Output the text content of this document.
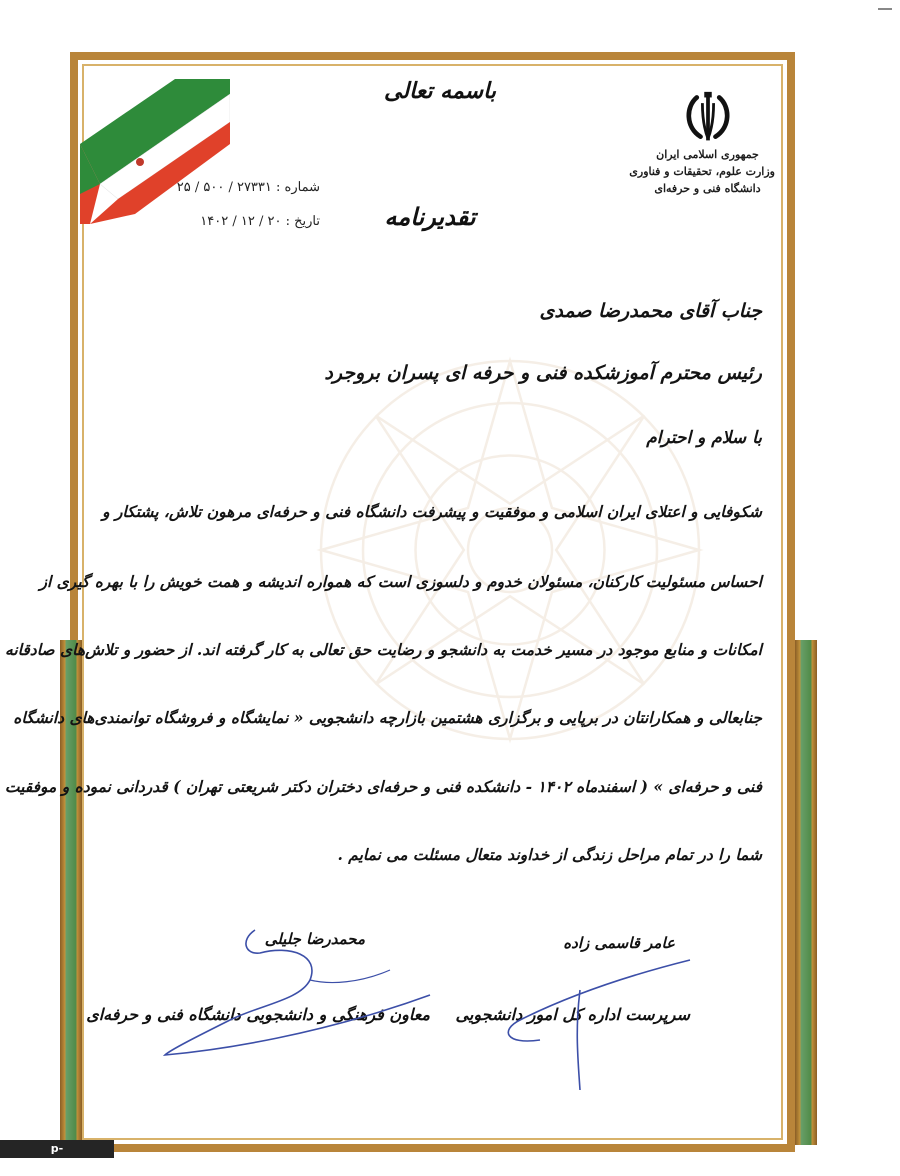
جمهوری اسلامی ایران
وزارت علوم، تحقیقات و فناوری
دانشگاه فنی و حرفه‌ای
باسمه تعالی
تقدیرنامه
شماره : ۲۷۳۳۱ / ۵۰۰ / ۲۵
تاریخ : ۲۰ / ۱۲ / ۱۴۰۲
جناب آقای محمدرضا صمدی
رئیس محترم آموزشکده فنی و حرفه ای پسران بروجرد
با سلام و احترام
شکوفایی و اعتلای ایران اسلامی و موفقیت و پیشرفت دانشگاه فنی و حرفه‌ای مرهون تلاش، پشتکار و
احساس مسئولیت کارکنان، مسئولان خدوم و دلسوزی است که همواره اندیشه و همت خویش را با بهره گیری از
امکانات و منابع موجود در مسیر خدمت به دانشجو و رضایت حق تعالی به کار گرفته اند. از حضور و تلاش‌های صادقانه
جنابعالی و همکارانتان در برپایی و برگزاری هشتمین بازارچه دانشجویی « نمایشگاه و فروشگاه توانمندی‌های دانشگاه
فنی و حرفه‌ای » ( اسفندماه ۱۴۰۲ - دانشکده فنی و حرفه‌ای دختران دکتر شریعتی تهران ) قدردانی نموده و موفقیت
شما را در تمام مراحل زندگی از خداوند متعال مسئلت می نمایم .
عامر قاسمی زاده
سرپرست اداره کل امور دانشجویی
محمدرضا جلیلی
معاون فرهنگی و دانشجویی دانشگاه فنی و حرفه‌ای
p-borujerd.tvu.ac.ir
